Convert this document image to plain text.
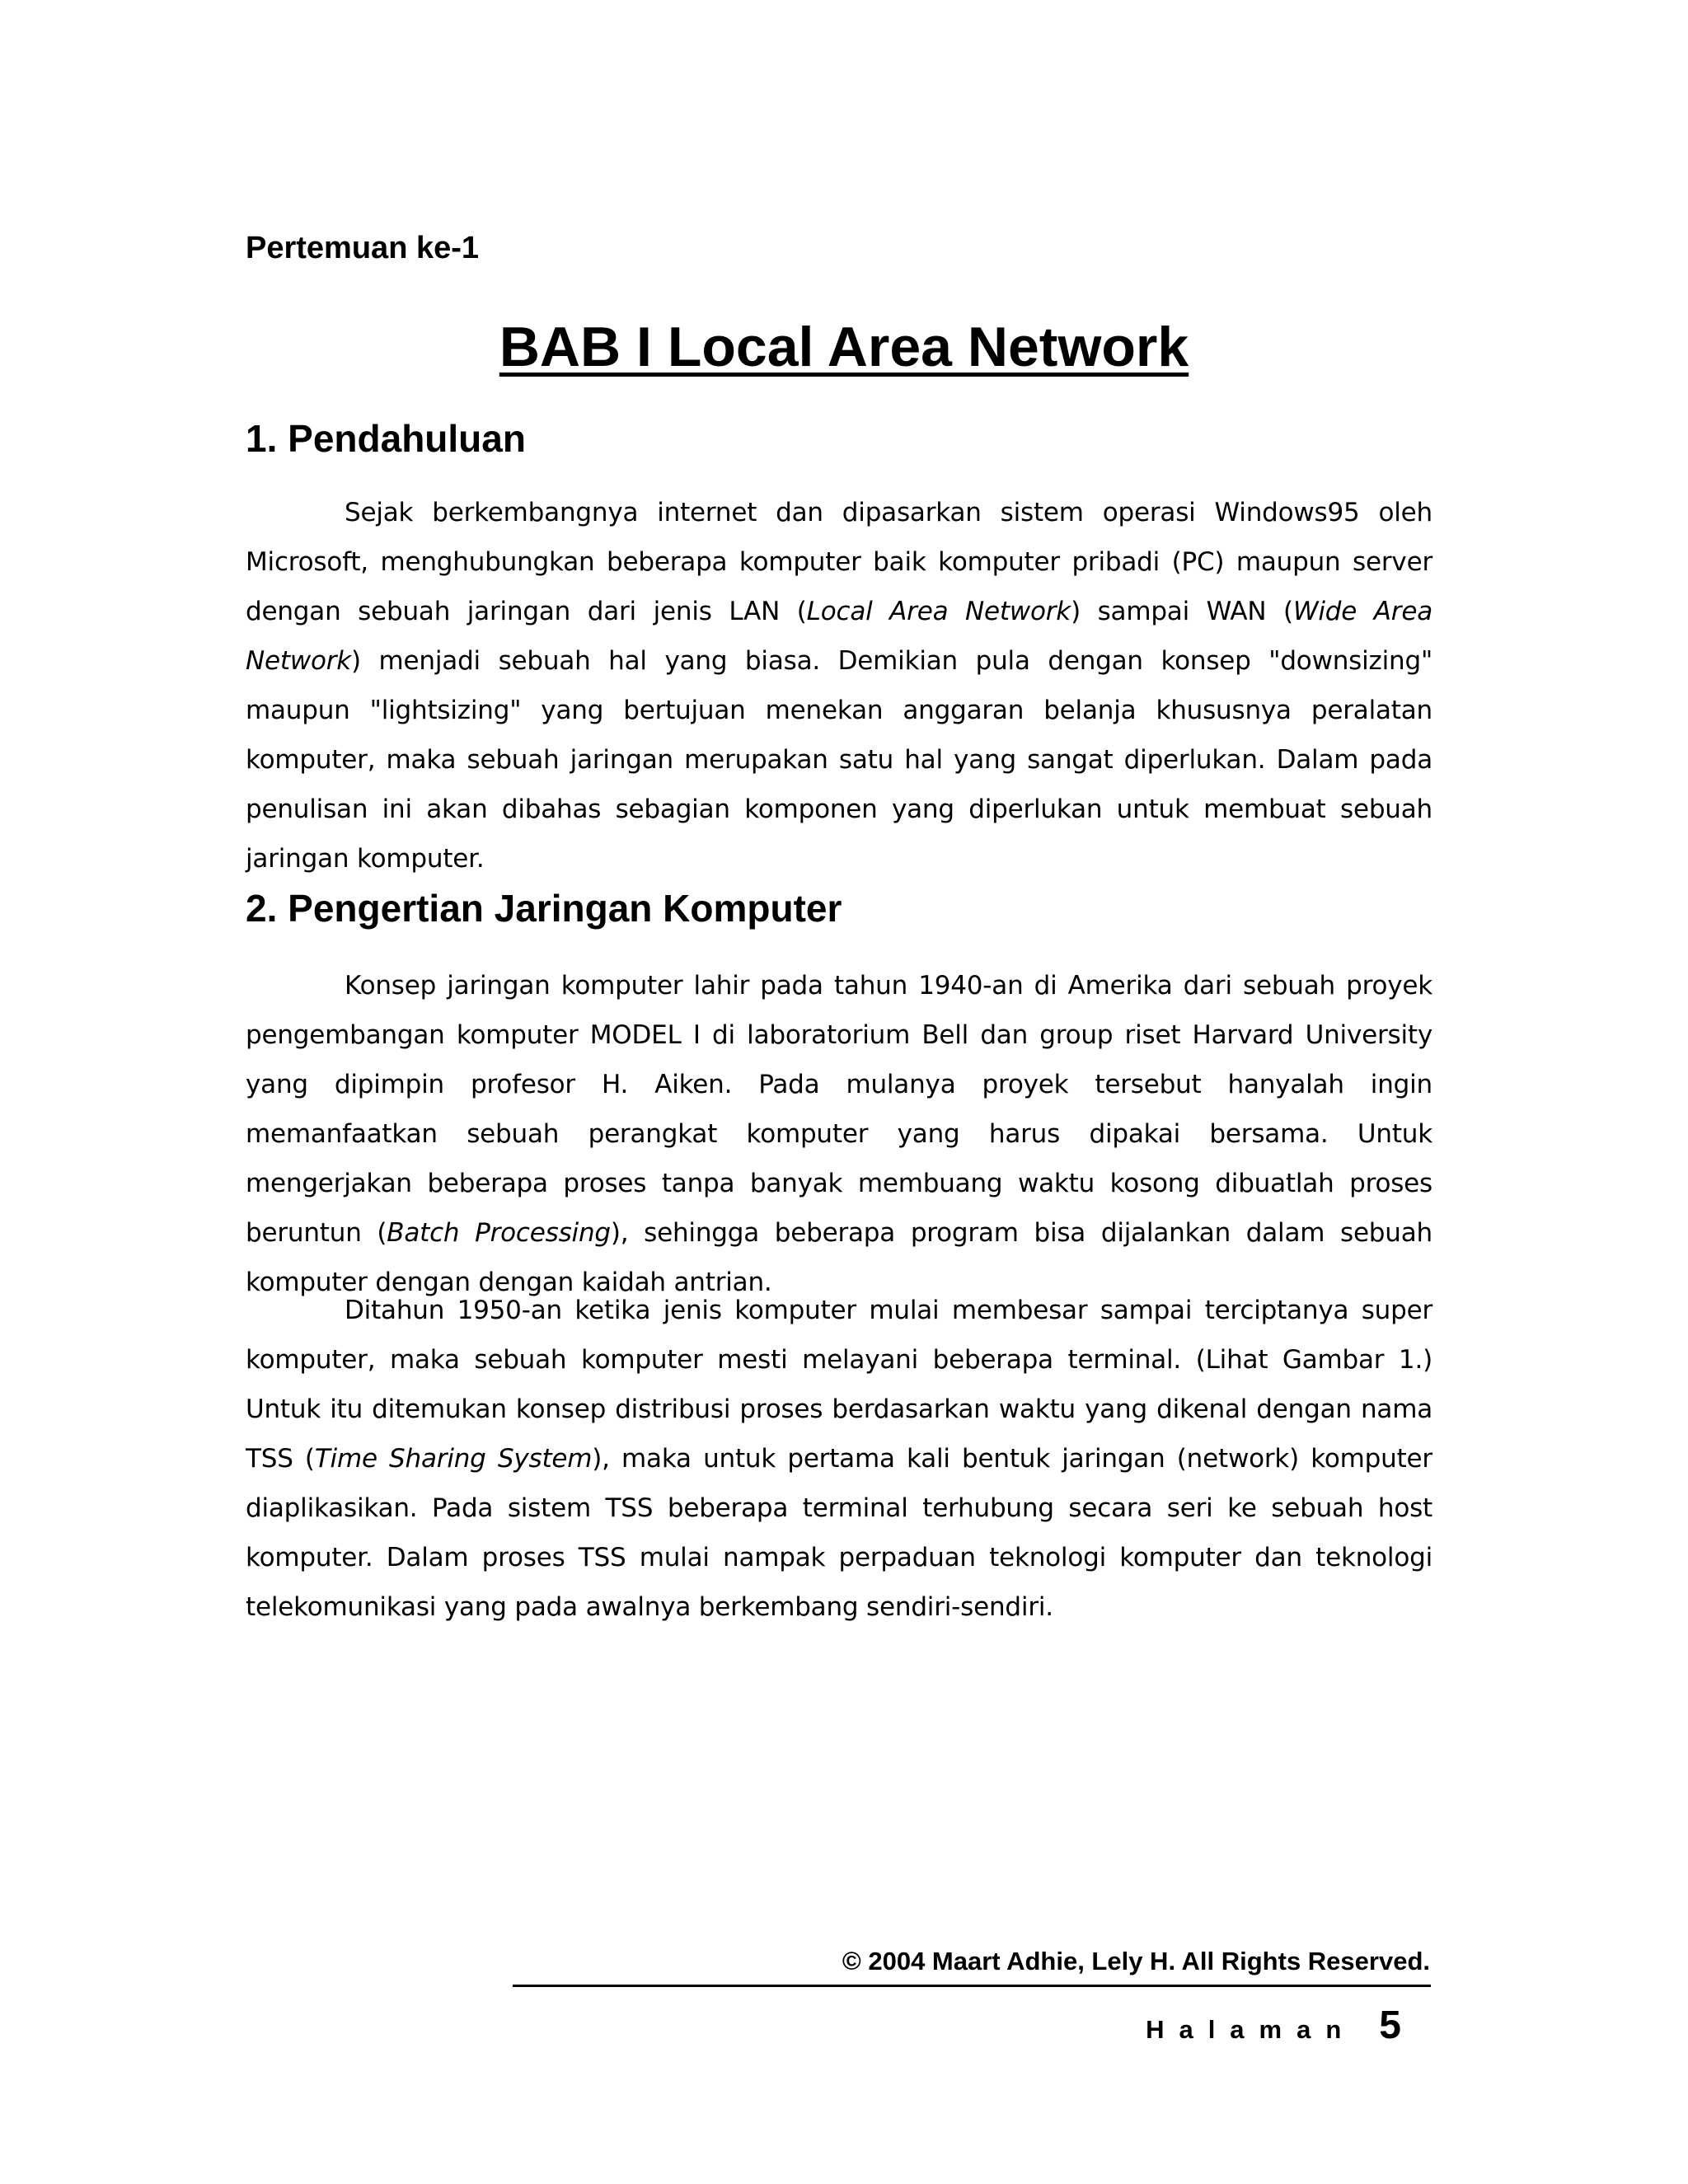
Pertemuan ke-1

BAB I Local Area Network
1. Pendahuluan

Sejak berkembangnya internet dan dipasarkan sistem operasi Windows95 oleh Microsoft, menghubungkan beberapa komputer baik komputer pribadi (PC) maupun server dengan sebuah jaringan dari jenis LAN (Local Area Network) sampai WAN (Wide Area Network) menjadi sebuah hal yang biasa. Demikian pula dengan konsep "downsizing" maupun "lightsizing" yang bertujuan menekan anggaran belanja khususnya peralatan komputer, maka sebuah jaringan merupakan satu hal yang sangat diperlukan. Dalam pada penulisan ini akan dibahas sebagian komponen yang diperlukan untuk membuat sebuah jaringan komputer.

2. Pengertian Jaringan Komputer

Konsep jaringan komputer lahir pada tahun 1940-an di Amerika dari sebuah proyek pengembangan komputer MODEL I di laboratorium Bell dan group riset Harvard University yang dipimpin profesor H. Aiken. Pada mulanya proyek tersebut hanyalah ingin memanfaatkan sebuah perangkat komputer yang harus dipakai bersama. Untuk mengerjakan beberapa proses tanpa banyak membuang waktu kosong dibuatlah proses beruntun (Batch Processing), sehingga beberapa program bisa dijalankan dalam sebuah komputer dengan dengan kaidah antrian.

Ditahun 1950-an ketika jenis komputer mulai membesar sampai terciptanya super komputer, maka sebuah komputer mesti melayani beberapa terminal. (Lihat Gambar 1.) Untuk itu ditemukan konsep distribusi proses berdasarkan waktu yang dikenal dengan nama TSS (Time Sharing System), maka untuk pertama kali bentuk jaringan (network) komputer diaplikasikan. Pada sistem TSS beberapa terminal terhubung secara seri ke sebuah host komputer. Dalam proses TSS mulai nampak perpaduan teknologi komputer dan teknologi telekomunikasi yang pada awalnya berkembang sendiri-sendiri.

© 2004 Maart Adhie, Lely H. All Rights Reserved.

Halaman 5
